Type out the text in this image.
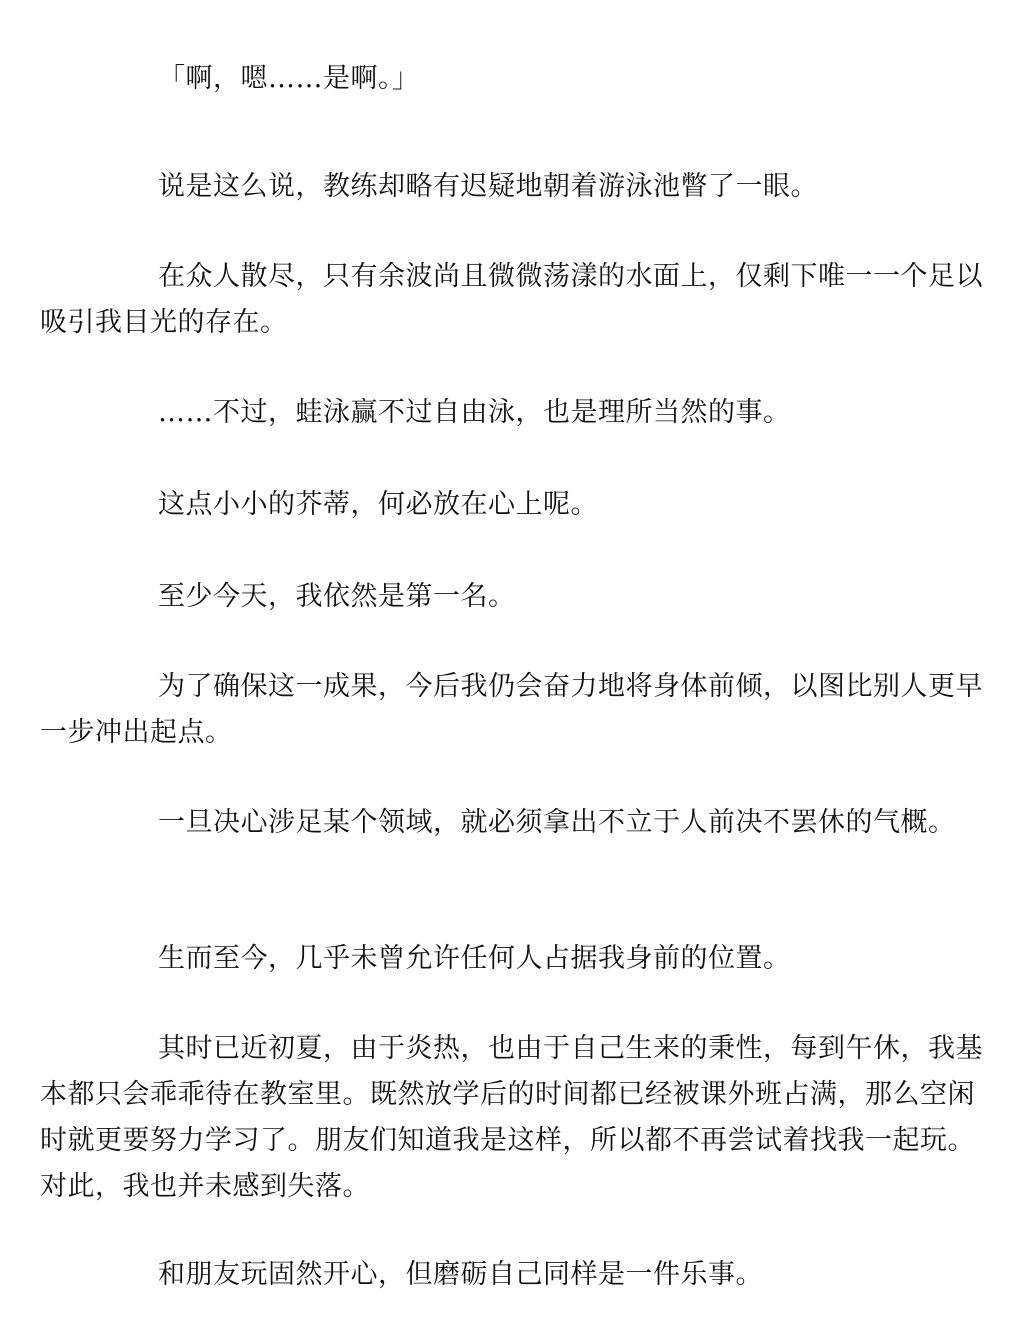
「啊，嗯……是啊。」

说是这么说，教练却略有迟疑地朝着游泳池瞥了一眼。

在众人散尽，只有余波尚且微微荡漾的水面上，仅剩下唯一一个足以吸引我目光的存在。

……不过，蛙泳赢不过自由泳，也是理所当然的事。

这点小小的芥蒂，何必放在心上呢。

至少今天，我依然是第一名。

为了确保这一成果，今后我仍会奋力地将身体前倾，以图比别人更早一步冲出起点。

一旦决心涉足某个领域，就必须拿出不立于人前决不罢休的气概。

生而至今，几乎未曾允许任何人占据我身前的位置。

其时已近初夏，由于炎热，也由于自己生来的秉性，每到午休，我基本都只会乖乖待在教室里。既然放学后的时间都已经被课外班占满，那么空闲时就更要努力学习了。朋友们知道我是这样，所以都不再尝试着找我一起玩。对此，我也并未感到失落。

和朋友玩固然开心，但磨砺自己同样是一件乐事。
